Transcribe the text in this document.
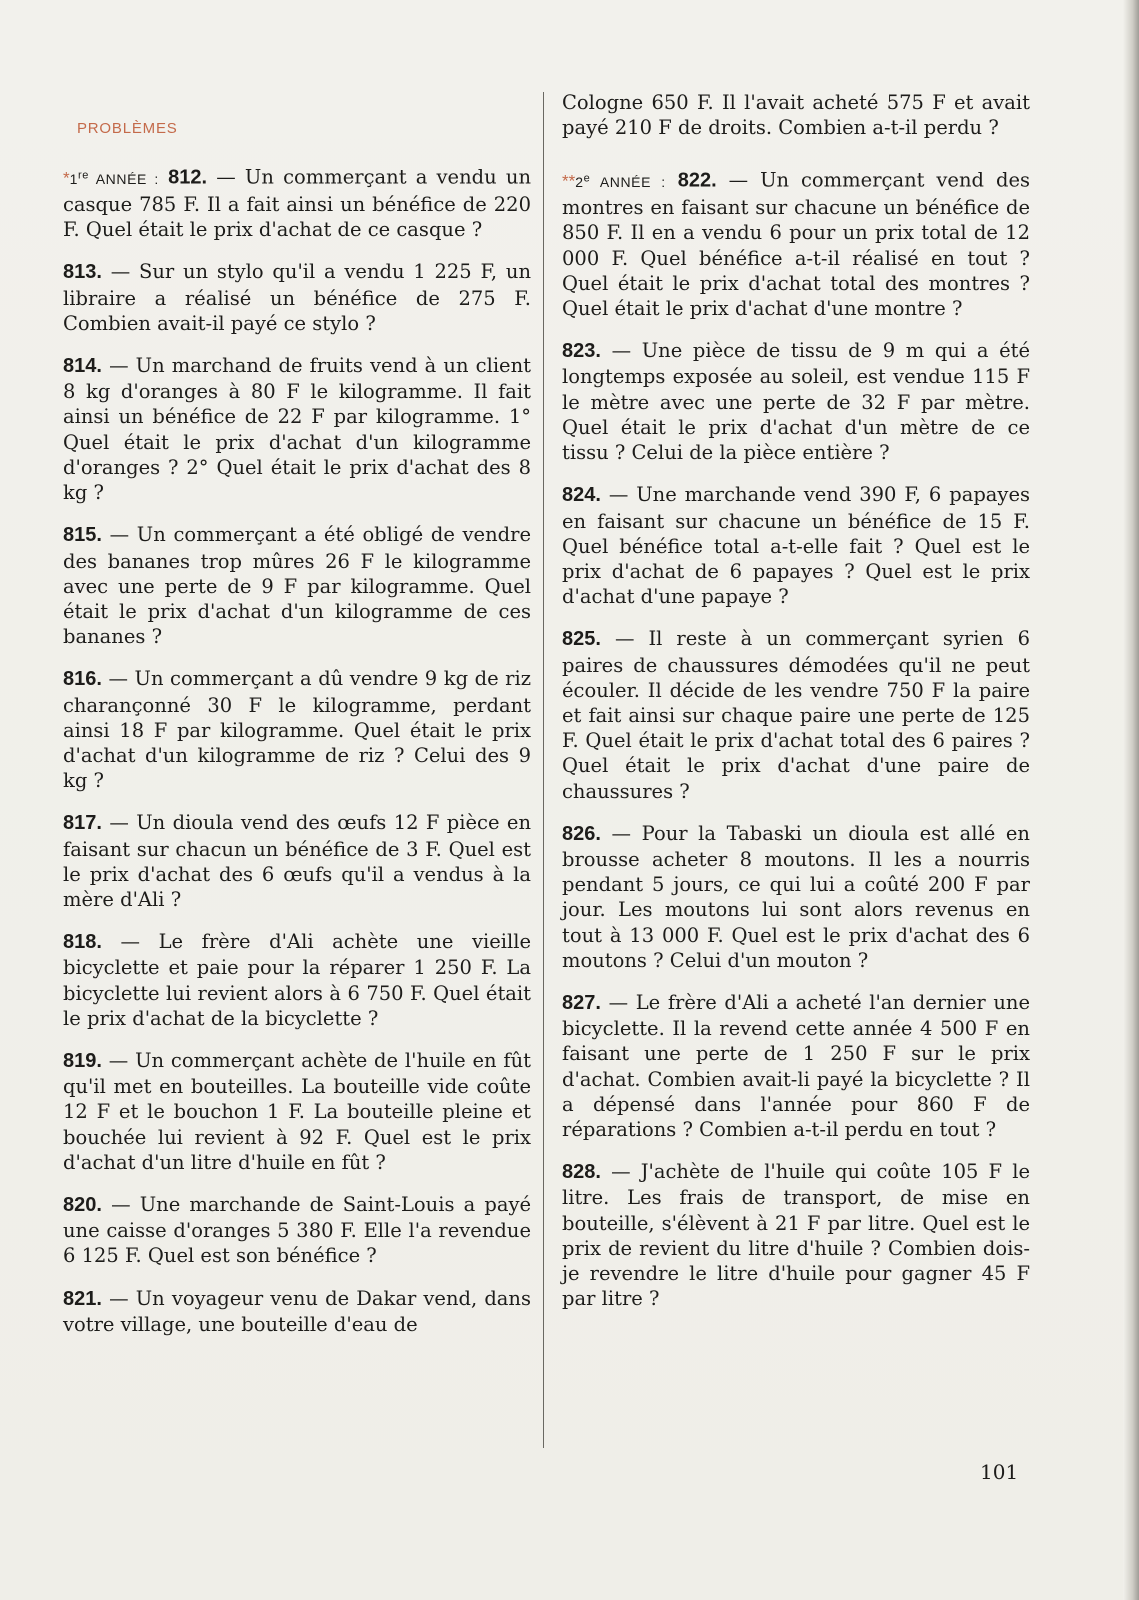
PROBLÈMES

*1re ANNÉE : 812. — Un commerçant a vendu un casque 785 F. Il a fait ainsi un bénéfice de 220 F. Quel était le prix d'achat de ce casque ?

813. — Sur un stylo qu'il a vendu 1 225 F, un libraire a réalisé un bénéfice de 275 F. Combien avait-il payé ce stylo ?

814. — Un marchand de fruits vend à un client 8 kg d'oranges à 80 F le kilogramme. Il fait ainsi un bénéfice de 22 F par kilogramme. 1° Quel était le prix d'achat d'un kilogramme d'oranges ? 2° Quel était le prix d'achat des 8 kg ?

815. — Un commerçant a été obligé de vendre des bananes trop mûres 26 F le kilogramme avec une perte de 9 F par kilogramme. Quel était le prix d'achat d'un kilogramme de ces bananes ?

816. — Un commerçant a dû vendre 9 kg de riz charançonné 30 F le kilogramme, perdant ainsi 18 F par kilogramme. Quel était le prix d'achat d'un kilogramme de riz ? Celui des 9 kg ?

817. — Un dioula vend des œufs 12 F pièce en faisant sur chacun un bénéfice de 3 F. Quel est le prix d'achat des 6 œufs qu'il a vendus à la mère d'Ali ?

818. — Le frère d'Ali achète une vieille bicyclette et paie pour la réparer 1 250 F. La bicyclette lui revient alors à 6 750 F. Quel était le prix d'achat de la bicyclette ?

819. — Un commerçant achète de l'huile en fût qu'il met en bouteilles. La bouteille vide coûte 12 F et le bouchon 1 F. La bouteille pleine et bouchée lui revient à 92 F. Quel est le prix d'achat d'un litre d'huile en fût ?

820. — Une marchande de Saint-Louis a payé une caisse d'oranges 5 380 F. Elle l'a revendue 6 125 F. Quel est son bénéfice ?

821. — Un voyageur venu de Dakar vend, dans votre village, une bouteille d'eau de

Cologne 650 F. Il l'avait acheté 575 F et avait payé 210 F de droits. Combien a-t-il perdu ?

**2e ANNÉE : 822. — Un commerçant vend des montres en faisant sur chacune un bénéfice de 850 F. Il en a vendu 6 pour un prix total de 12 000 F. Quel bénéfice a-t-il réalisé en tout ? Quel était le prix d'achat total des montres ? Quel était le prix d'achat d'une montre ?

823. — Une pièce de tissu de 9 m qui a été longtemps exposée au soleil, est vendue 115 F le mètre avec une perte de 32 F par mètre. Quel était le prix d'achat d'un mètre de ce tissu ? Celui de la pièce entière ?

824. — Une marchande vend 390 F, 6 papayes en faisant sur chacune un bénéfice de 15 F. Quel bénéfice total a-t-elle fait ? Quel est le prix d'achat de 6 papayes ? Quel est le prix d'achat d'une papaye ?

825. — Il reste à un commerçant syrien 6 paires de chaussures démodées qu'il ne peut écouler. Il décide de les vendre 750 F la paire et fait ainsi sur chaque paire une perte de 125 F. Quel était le prix d'achat total des 6 paires ? Quel était le prix d'achat d'une paire de chaussures ?

826. — Pour la Tabaski un dioula est allé en brousse acheter 8 moutons. Il les a nourris pendant 5 jours, ce qui lui a coûté 200 F par jour. Les moutons lui sont alors revenus en tout à 13 000 F. Quel est le prix d'achat des 6 moutons ? Celui d'un mouton ?

827. — Le frère d'Ali a acheté l'an dernier une bicyclette. Il la revend cette année 4 500 F en faisant une perte de 1 250 F sur le prix d'achat. Combien avait-li payé la bicyclette ? Il a dépensé dans l'année pour 860 F de réparations ? Combien a-t-il perdu en tout ?

828. — J'achète de l'huile qui coûte 105 F le litre. Les frais de transport, de mise en bouteille, s'élèvent à 21 F par litre. Quel est le prix de revient du litre d'huile ? Combien dois-je revendre le litre d'huile pour gagner 45 F par litre ?

101
